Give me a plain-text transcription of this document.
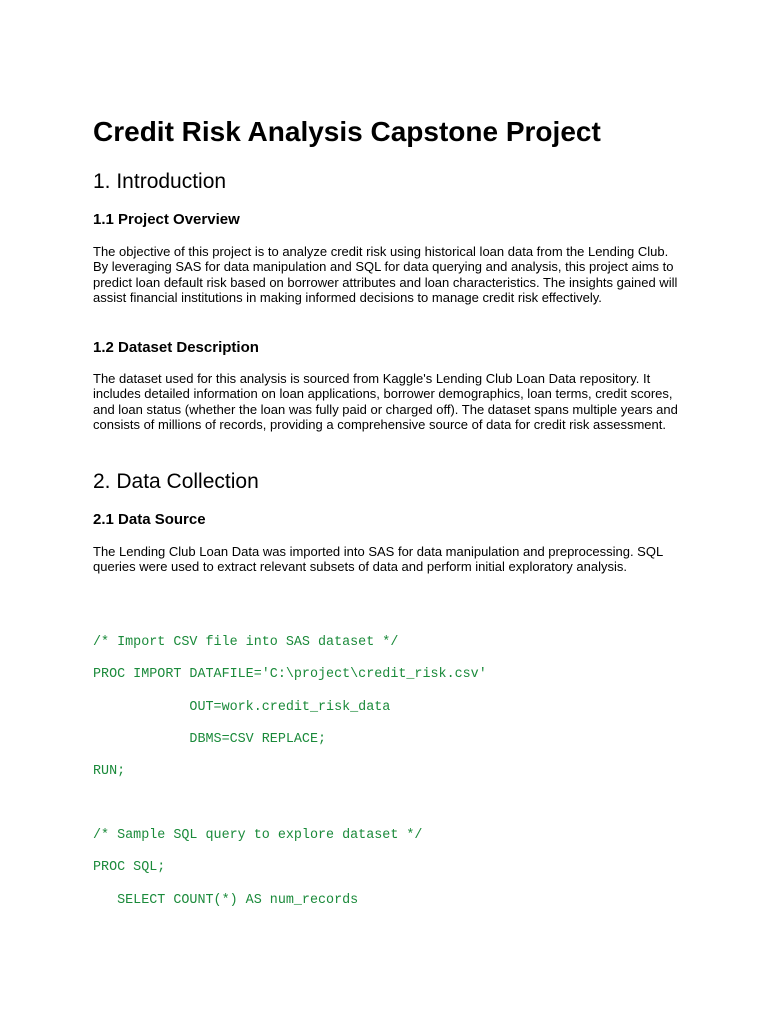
Credit Risk Analysis Capstone Project
1. Introduction
1.1 Project Overview

The objective of this project is to analyze credit risk using historical loan data from the Lending Club. By leveraging SAS for data manipulation and SQL for data querying and analysis, this project aims to predict loan default risk based on borrower attributes and loan characteristics. The insights gained will assist financial institutions in making informed decisions to manage credit risk effectively.

1.2 Dataset Description

The dataset used for this analysis is sourced from Kaggle's Lending Club Loan Data repository. It includes detailed information on loan applications, borrower demographics, loan terms, credit scores, and loan status (whether the loan was fully paid or charged off). The dataset spans multiple years and consists of millions of records, providing a comprehensive source of data for credit risk assessment.

2. Data Collection
2.1 Data Source

The Lending Club Loan Data was imported into SAS for data manipulation and preprocessing. SQL queries were used to extract relevant subsets of data and perform initial exploratory analysis.

/* Import CSV file into SAS dataset */
PROC IMPORT DATAFILE='C:\project\credit_risk.csv'
OUT=work.credit_risk_data
DBMS=CSV REPLACE;
RUN;
/* Sample SQL query to explore dataset */
PROC SQL;
SELECT COUNT(*) AS num_records
